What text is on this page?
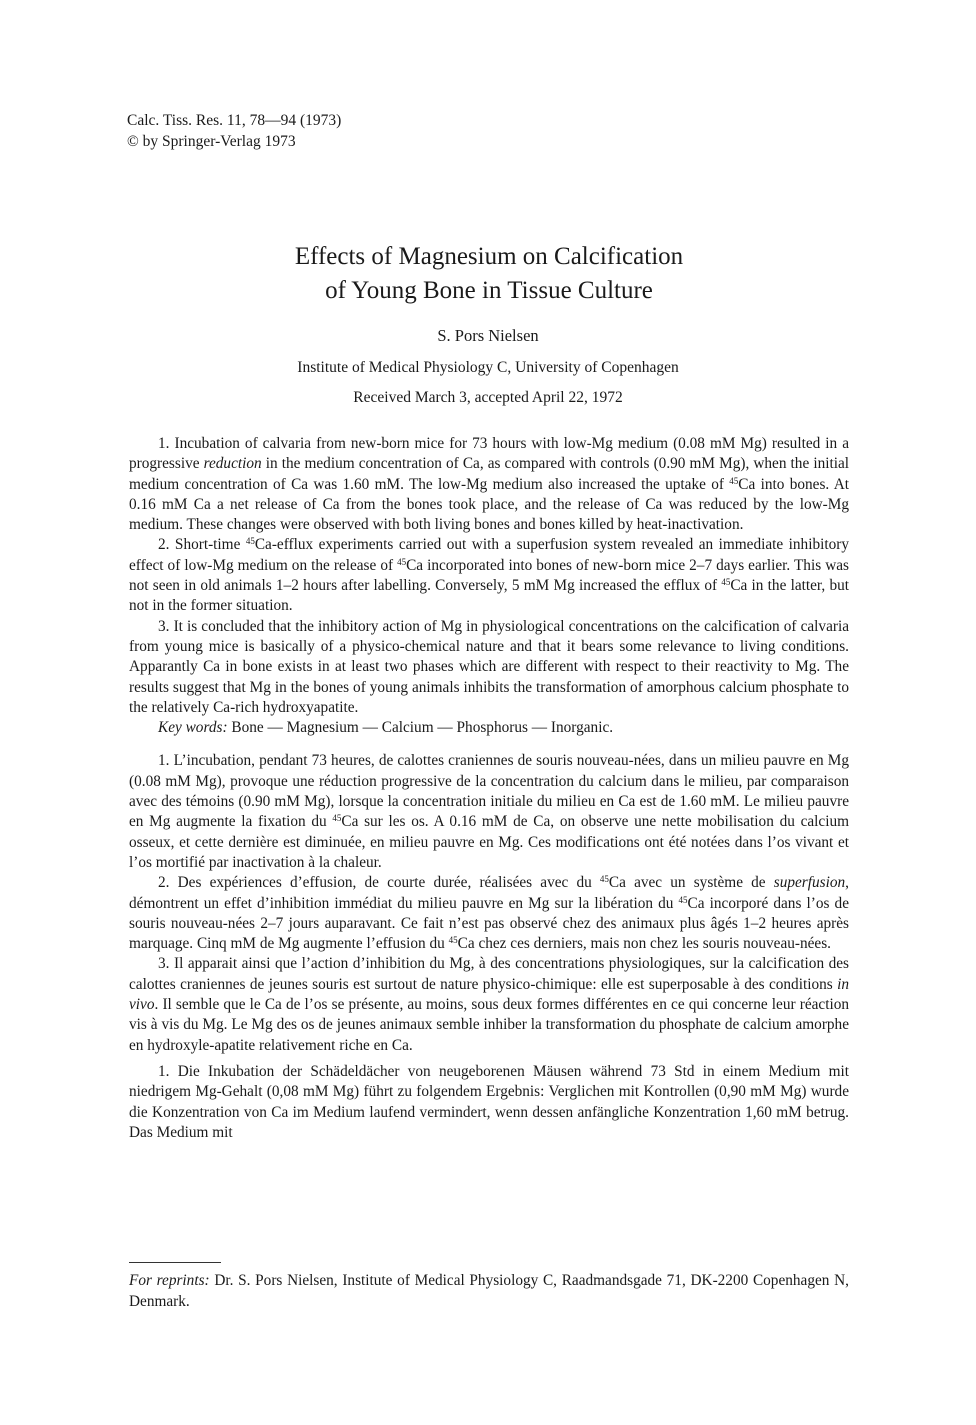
Calc. Tiss. Res. 11, 78—94 (1973)
© by Springer-Verlag 1973
Effects of Magnesium on Calcification
of Young Bone in Tissue Culture
S. Pors Nielsen
Institute of Medical Physiology C, University of Copenhagen
Received March 3, accepted April 22, 1972

1. Incubation of calvaria from new-born mice for 73 hours with low-Mg medium (0.08 mM Mg) resulted in a progressive reduction in the medium concentration of Ca, as compared with controls (0.90 mM Mg), when the initial medium concentration of Ca was 1.60 mM. The low-Mg medium also increased the uptake of $^{45}$Ca into bones. At 0.16 mM Ca a net release of Ca from the bones took place, and the release of Ca was reduced by the low-Mg medium. These changes were observed with both living bones and bones killed by heat-inactivation.

2. Short-time $^{45}$Ca-efflux experiments carried out with a superfusion system revealed an immediate inhibitory effect of low-Mg medium on the release of $^{45}$Ca incorporated into bones of new-born mice 2–7 days earlier. This was not seen in old animals 1–2 hours after labelling. Conversely, 5 mM Mg increased the efflux of $^{45}$Ca in the latter, but not in the former situation.

3. It is concluded that the inhibitory action of Mg in physiological concentrations on the calcification of calvaria from young mice is basically of a physico-chemical nature and that it bears some relevance to living conditions. Apparantly Ca in bone exists in at least two phases which are different with respect to their reactivity to Mg. The results suggest that Mg in the bones of young animals inhibits the transformation of amorphous calcium phosphate to the relatively Ca-rich hydroxyapatite.

Key words: Bone — Magnesium — Calcium — Phosphorus — Inorganic.

1. L’incubation, pendant 73 heures, de calottes craniennes de souris nouveau-nées, dans un milieu pauvre en Mg (0.08 mM Mg), provoque une réduction progressive de la concentration du calcium dans le milieu, par comparaison avec des témoins (0.90 mM Mg), lorsque la concentration initiale du milieu en Ca est de 1.60 mM. Le milieu pauvre en Mg augmente la fixation du $^{45}$Ca sur les os. A 0.16 mM de Ca, on observe une nette mobilisation du calcium osseux, et cette dernière est diminuée, en milieu pauvre en Mg. Ces modifications ont été notées dans l’os vivant et l’os mortifié par inactivation à la chaleur.

2. Des expériences d’effusion, de courte durée, réalisées avec du $^{45}$Ca avec un système de superfusion, démontrent un effet d’inhibition immédiat du milieu pauvre en Mg sur la libération du $^{45}$Ca incorporé dans l’os de souris nouveau-nées 2–7 jours auparavant. Ce fait n’est pas observé chez des animaux plus âgés 1–2 heures après marquage. Cinq mM de Mg augmente l’effusion du $^{45}$Ca chez ces derniers, mais non chez les souris nouveau-nées.

3. Il apparait ainsi que l’action d’inhibition du Mg, à des concentrations physiologiques, sur la calcification des calottes craniennes de jeunes souris est surtout de nature physico-chimique: elle est superposable à des conditions in vivo. Il semble que le Ca de l’os se présente, au moins, sous deux formes différentes en ce qui concerne leur réaction vis à vis du Mg. Le Mg des os de jeunes animaux semble inhiber la transformation du phosphate de calcium amorphe en hydroxyle-apatite relativement riche en Ca.

1. Die Inkubation der Schädeldächer von neugeborenen Mäusen während 73 Std in einem Medium mit niedrigem Mg-Gehalt (0,08 mM Mg) führt zu folgendem Ergebnis: Verglichen mit Kontrollen (0,90 mM Mg) wurde die Konzentration von Ca im Medium laufend vermindert, wenn dessen anfängliche Konzentration 1,60 mM betrug. Das Medium mit

For reprints: Dr. S. Pors Nielsen, Institute of Medical Physiology C, Raadmandsgade 71, DK-2200 Copenhagen N, Denmark.
